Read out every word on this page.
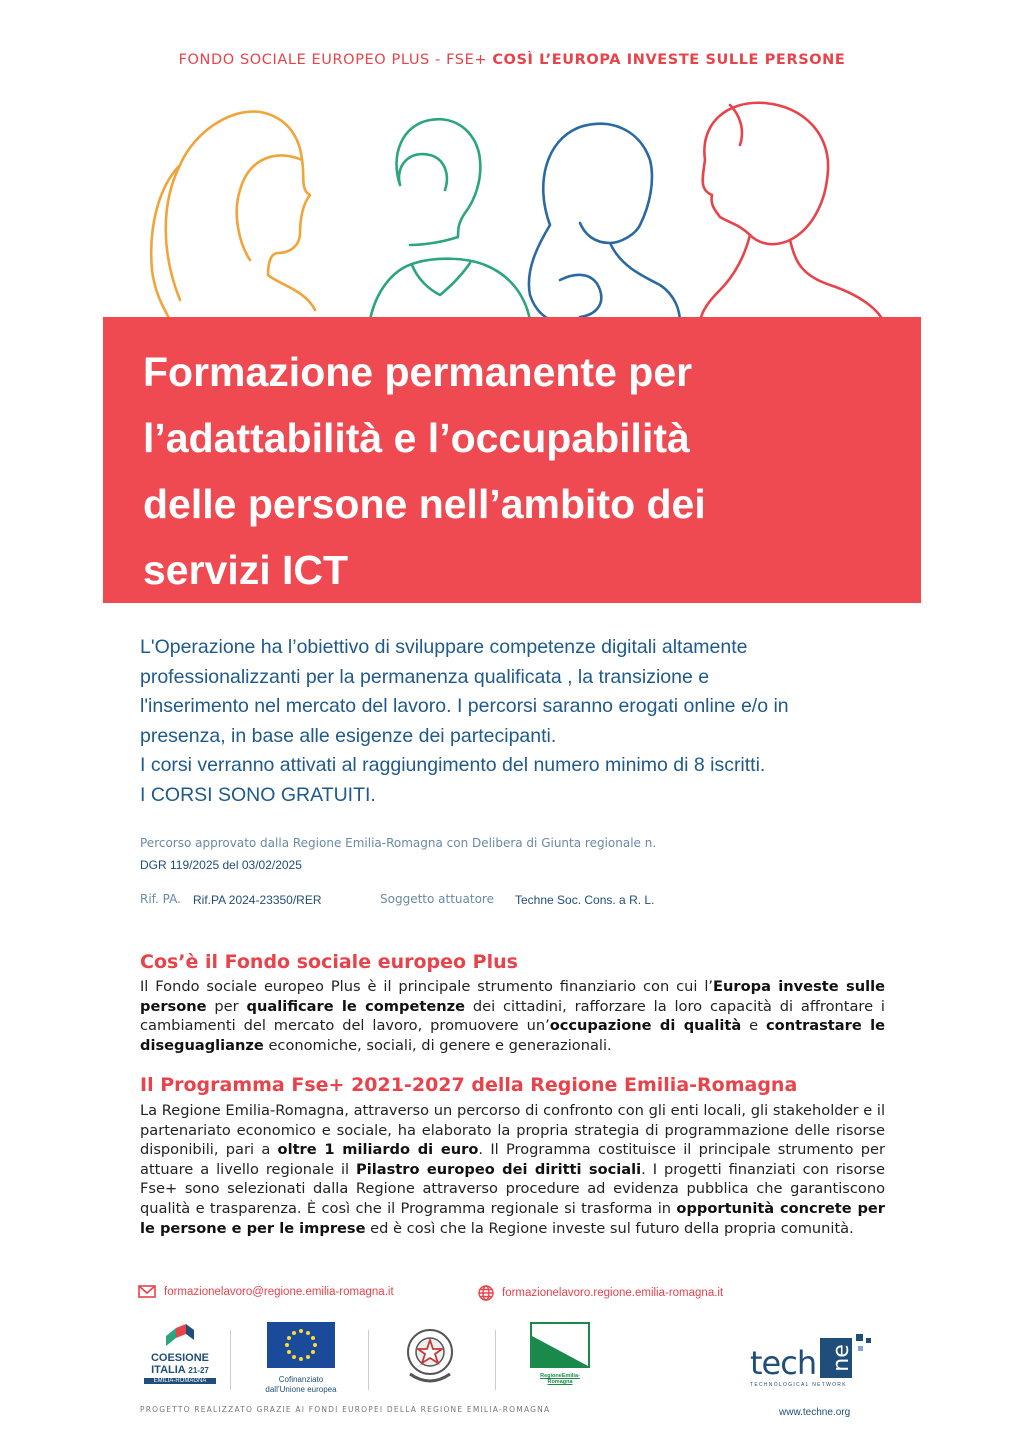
FONDO SOCIALE EUROPEO PLUS - FSE+ COSÌ L’EUROPA INVESTE SULLE PERSONE
Formazione permanente per
l’adattabilità e l’occupabilità
delle persone nell’ambito dei
servizi ICT
L'Operazione ha l’obiettivo di sviluppare competenze digitali altamente
professionalizzanti per la permanenza qualificata , la transizione e
l'inserimento nel mercato del lavoro. I percorsi saranno erogati online e/o in
presenza, in base alle esigenze dei partecipanti.
I corsi verranno attivati al raggiungimento del numero minimo di 8 iscritti.
I CORSI SONO GRATUITI.
Percorso approvato dalla Regione Emilia-Romagna con Delibera di Giunta regionale n.
DGR 119/2025 del 03/02/2025
Rif. PA. Rif.PA 2024-23350/RER	Soggetto attuatore Techne Soc. Cons. a R. L.
Cos’è il Fondo sociale europeo Plus
Il Fondo sociale europeo Plus è il principale strumento finanziario con cui l’Europa investe sulle persone per qualificare le competenze dei cittadini, rafforzare la loro capacità di affrontare i cambiamenti del mercato del lavoro, promuovere un’occupazione di qualità e contrastare le diseguaglianze economiche, sociali, di genere e generazionali.
Il Programma Fse+ 2021-2027 della Regione Emilia-Romagna
La Regione Emilia-Romagna, attraverso un percorso di confronto con gli enti locali, gli stakeholder e il partenariato economico e sociale, ha elaborato la propria strategia di programmazione delle risorse disponibili, pari a oltre 1 miliardo di euro. Il Programma costituisce il principale strumento per attuare a livello regionale il Pilastro europeo dei diritti sociali. I progetti finanziati con risorse Fse+ sono selezionati dalla Regione attraverso procedure ad evidenza pubblica che garantiscono qualità e trasparenza. È così che il Programma regionale si trasforma in opportunità concrete per le persone e per le imprese ed è così che la Regione investe sul futuro della propria comunità.
formazionelavoro@regione.emilia-romagna.it	formazionelavoro.regione.emilia-romagna.it
COESIONE
ITALIA 21-27
EMILIA-ROMAGNA	Cofinanziato
dall’Unione europea
RegioneEmilia-Romagna	tech ne
TECHNOLOGICAL NETWORK
PROGETTO REALIZZATO GRAZIE AI FONDI EUROPEI DELLA REGIONE EMILIA-ROMAGNA	www.techne.org
